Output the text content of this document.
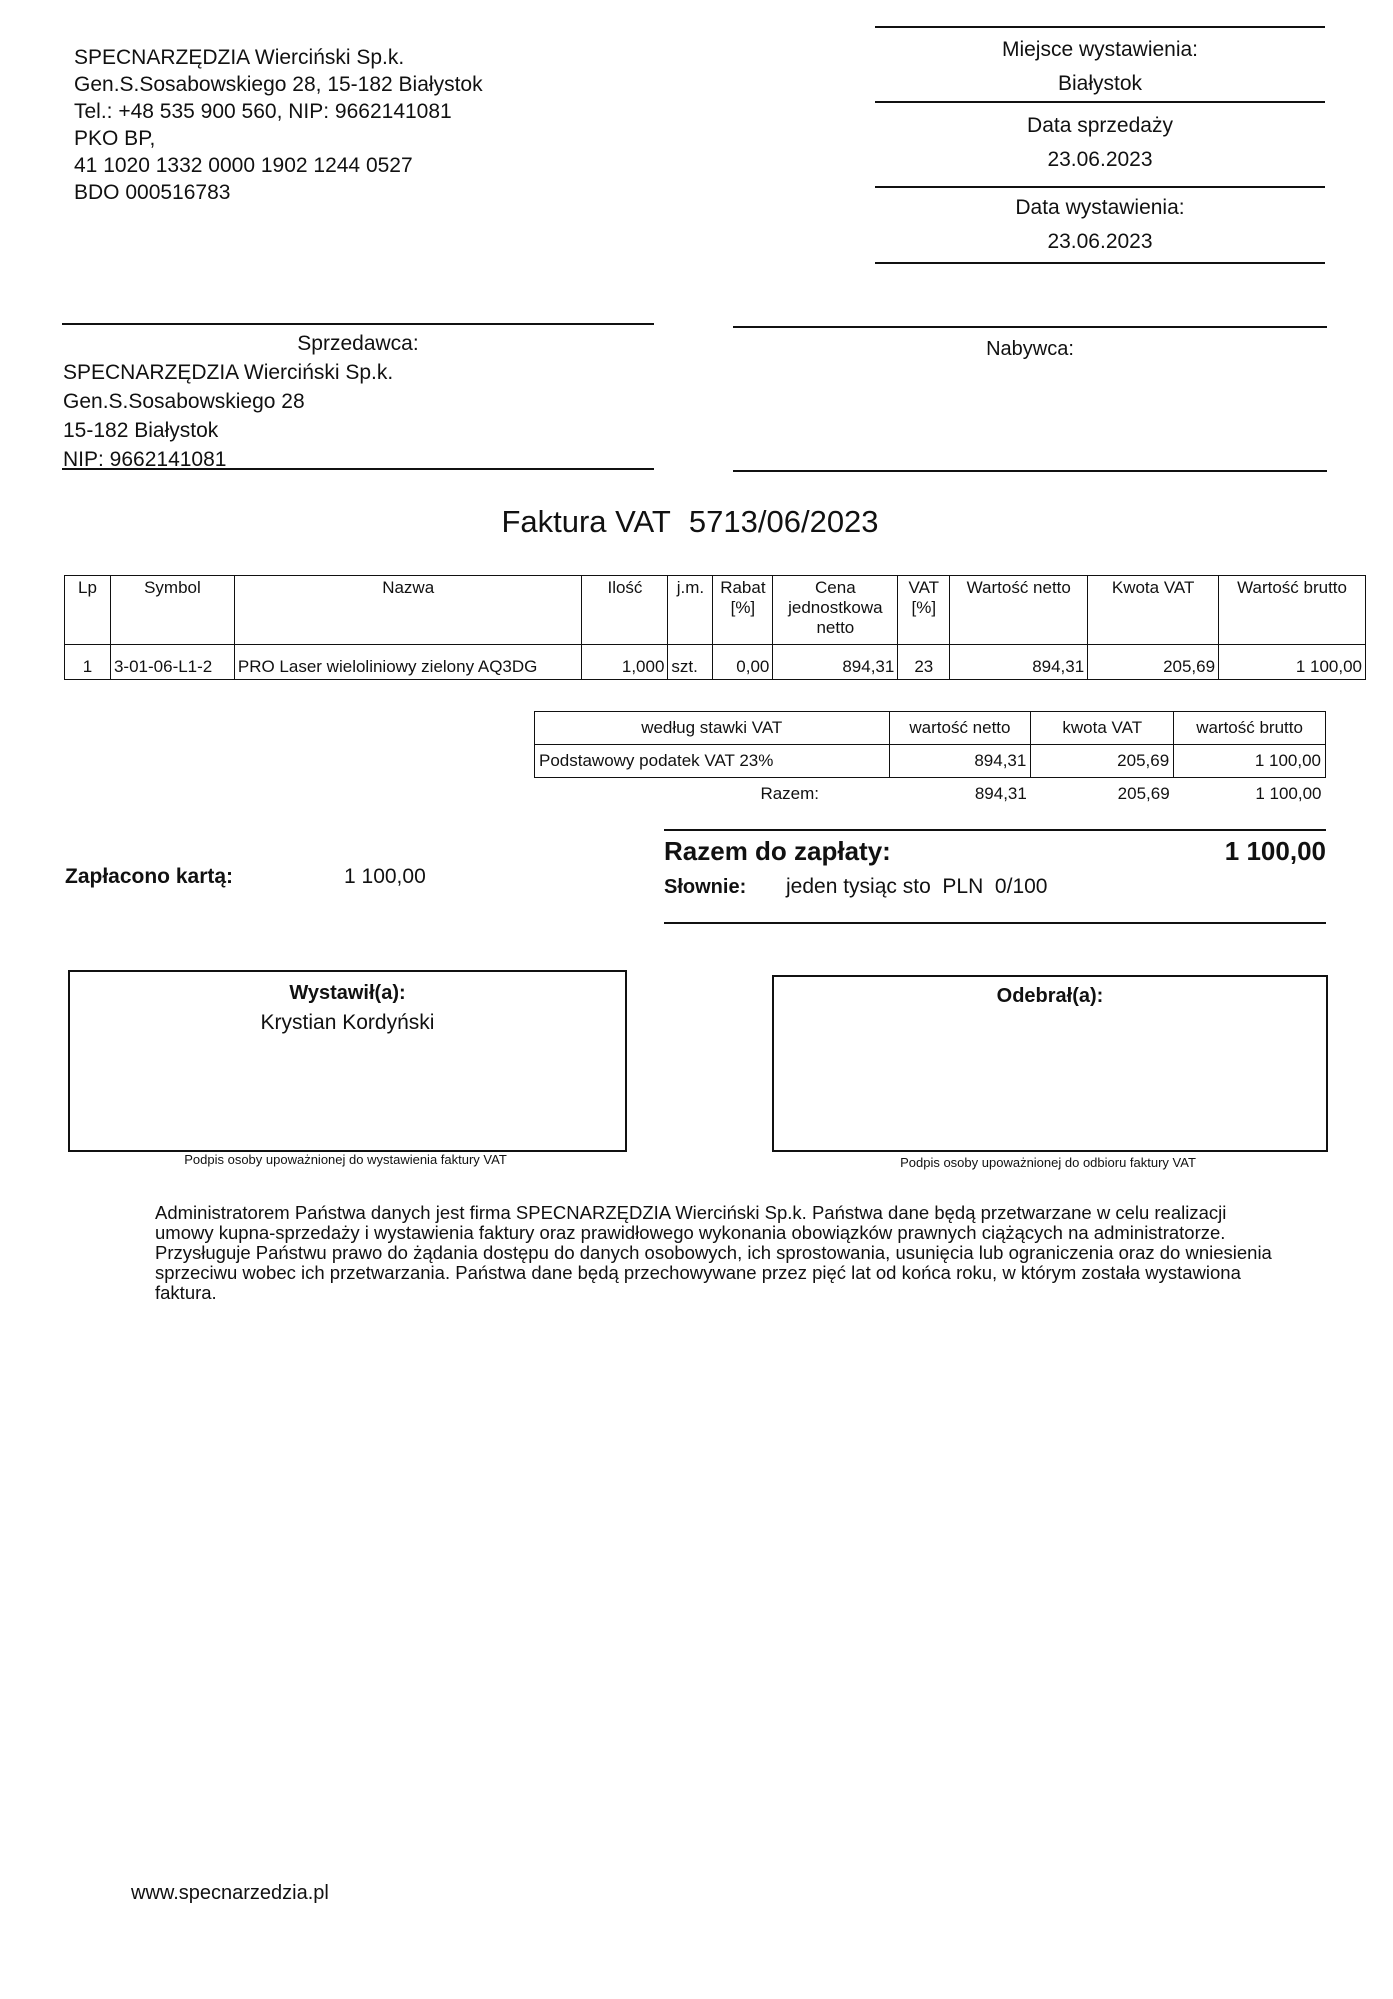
SPECNARZĘDZIA Wierciński Sp.k.
Gen.S.Sosabowskiego 28, 15-182 Białystok
Tel.: +48 535 900 560, NIP: 9662141081
PKO BP,
41 1020 1332 0000 1902 1244 0527
BDO 000516783
Miejsce wystawienia:
Białystok
Data sprzedaży
23.06.2023
Data wystawienia:
23.06.2023
Sprzedawca:
SPECNARZĘDZIA Wierciński Sp.k.
Gen.S.Sosabowskiego 28
15-182 Białystok
NIP: 9662141081
Nabywca:
Faktura VAT 5713/06/2023
Lp	Symbol	Nazwa	Ilość	j.m.	Rabat [%]	Cena jednostkowa netto	VAT [%]	Wartość netto	Kwota VAT	Wartość brutto
1	3-01-06-L1-2	PRO Laser wieloliniowy zielony AQ3DG	1,000	szt.	0,00	894,31	23	894,31	205,69	1 100,00
według stawki VAT	wartość netto	kwota VAT	wartość brutto
Podstawowy podatek VAT 23%	894,31	205,69	1 100,00
Razem:	894,31	205,69	1 100,00
Zapłacono kartą:	1 100,00
Razem do zapłaty:	1 100,00
Słownie: jeden tysiąc sto  PLN  0/100
Wystawił(a):
Krystian Kordyński
Podpis osoby upoważnionej do wystawienia faktury VAT
Odebrał(a):
Podpis osoby upoważnionej do odbioru faktury VAT
Administratorem Państwa danych jest firma SPECNARZĘDZIA Wierciński Sp.k. Państwa dane będą przetwarzane w celu realizacji umowy kupna-sprzedaży i wystawienia faktury oraz prawidłowego wykonania obowiązków prawnych ciążących na administratorze. Przysługuje Państwu prawo do żądania dostępu do danych osobowych, ich sprostowania, usunięcia lub ograniczenia oraz do wniesienia sprzeciwu wobec ich przetwarzania. Państwa dane będą przechowywane przez pięć lat od końca roku, w którym została wystawiona faktura.
www.specnarzedzia.pl
